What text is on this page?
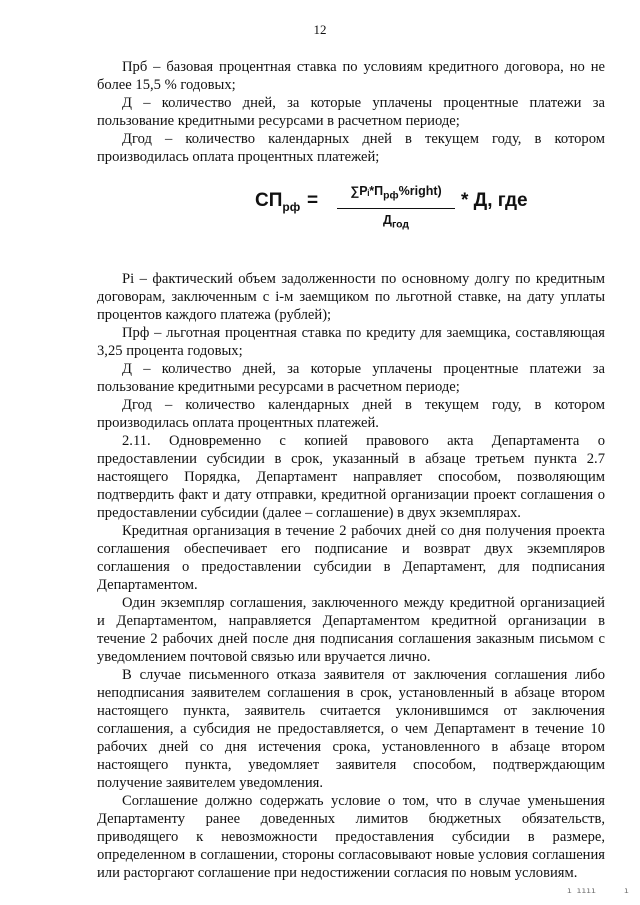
12

Прб – базовая процентная ставка по условиям кредитного договора, но не более 15,5 % годовых;

Д – количество дней, за которые уплачены процентные платежи за пользование кредитными ресурсами в расчетном периоде;

Дгод – количество календарных дней в текущем году, в котором производилась оплата процентных платежей;

$СП_{рф}$ =	$\sum Pᵢ*П_{рф}\%right$)
$Д_{год}$
* Д, где

Pi – фактический объем задолженности по основному долгу по кредитным договорам, заключенным с i-м заемщиком по льготной ставке, на дату уплаты процентов каждого платежа (рублей);

Прф – льготная процентная ставка по кредиту для заемщика, составляющая 3,25 процента годовых;

Д – количество дней, за которые уплачены процентные платежи за пользование кредитными ресурсами в расчетном периоде;

Дгод – количество календарных дней в текущем году, в котором производилась оплата процентных платежей.

2.11. Одновременно с копией правового акта Департамента о предоставлении субсидии в срок, указанный в абзаце третьем пункта 2.7 настоящего Порядка, Департамент направляет способом, позволяющим подтвердить факт и дату отправки, кредитной организации проект соглашения о предоставлении субсидии (далее – соглашение) в двух экземплярах.

Кредитная организация в течение 2 рабочих дней со дня получения проекта соглашения обеспечивает его подписание и возврат двух экземпляров соглашения о предоставлении субсидии в Департамент, для подписания Департаментом.

Один экземпляр соглашения, заключенного между кредитной организацией и Департаментом, направляется Департаментом кредитной организации в течение 2 рабочих дней после дня подписания соглашения заказным письмом с уведомлением почтовой связью или вручается лично.

В случае письменного отказа заявителя от заключения соглашения либо неподписания заявителем соглашения в срок, установленный в абзаце втором настоящего пункта, заявитель считается уклонившимся от заключения соглашения, а субсидия не предоставляется, о чем Департамент в течение 10 рабочих дней со дня истечения срока, установленного в абзаце втором настоящего пункта, уведомляет заявителя способом, подтверждающим получение заявителем уведомления.

Соглашение должно содержать условие о том, что в случае уменьшения Департаменту ранее доведенных лимитов бюджетных обязательств, приводящего к невозможности предоставления субсидии в размере, определенном в соглашении, стороны согласовывают новые условия соглашения или расторгают соглашение при недостижении согласия по новым условиям.

ı ıııı	ı
